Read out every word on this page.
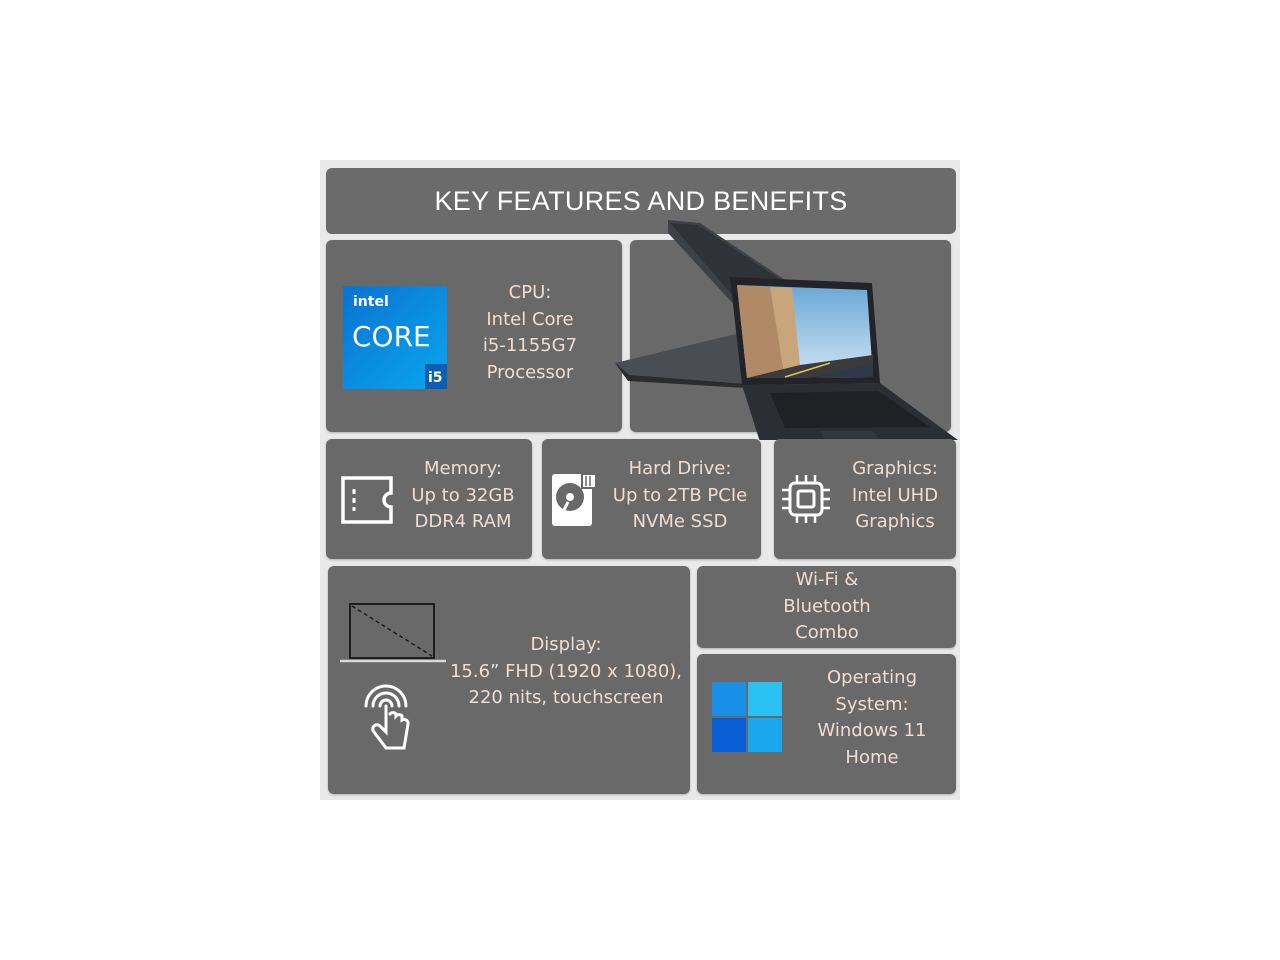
KEY FEATURES AND BENEFITS
intel
CORE
i5
CPU:
Intel Core
i5-1155G7
Processor
Memory:
Up to 32GB
DDR4 RAM
Hard Drive:
Up to 2TB PCIe
NVMe SSD
Graphics:
Intel UHD
Graphics
Display:
15.6” FHD (1920 x 1080),
220 nits, touchscreen
Wi-Fi &
Bluetooth
Combo
Operating
System:
Windows 11
Home
